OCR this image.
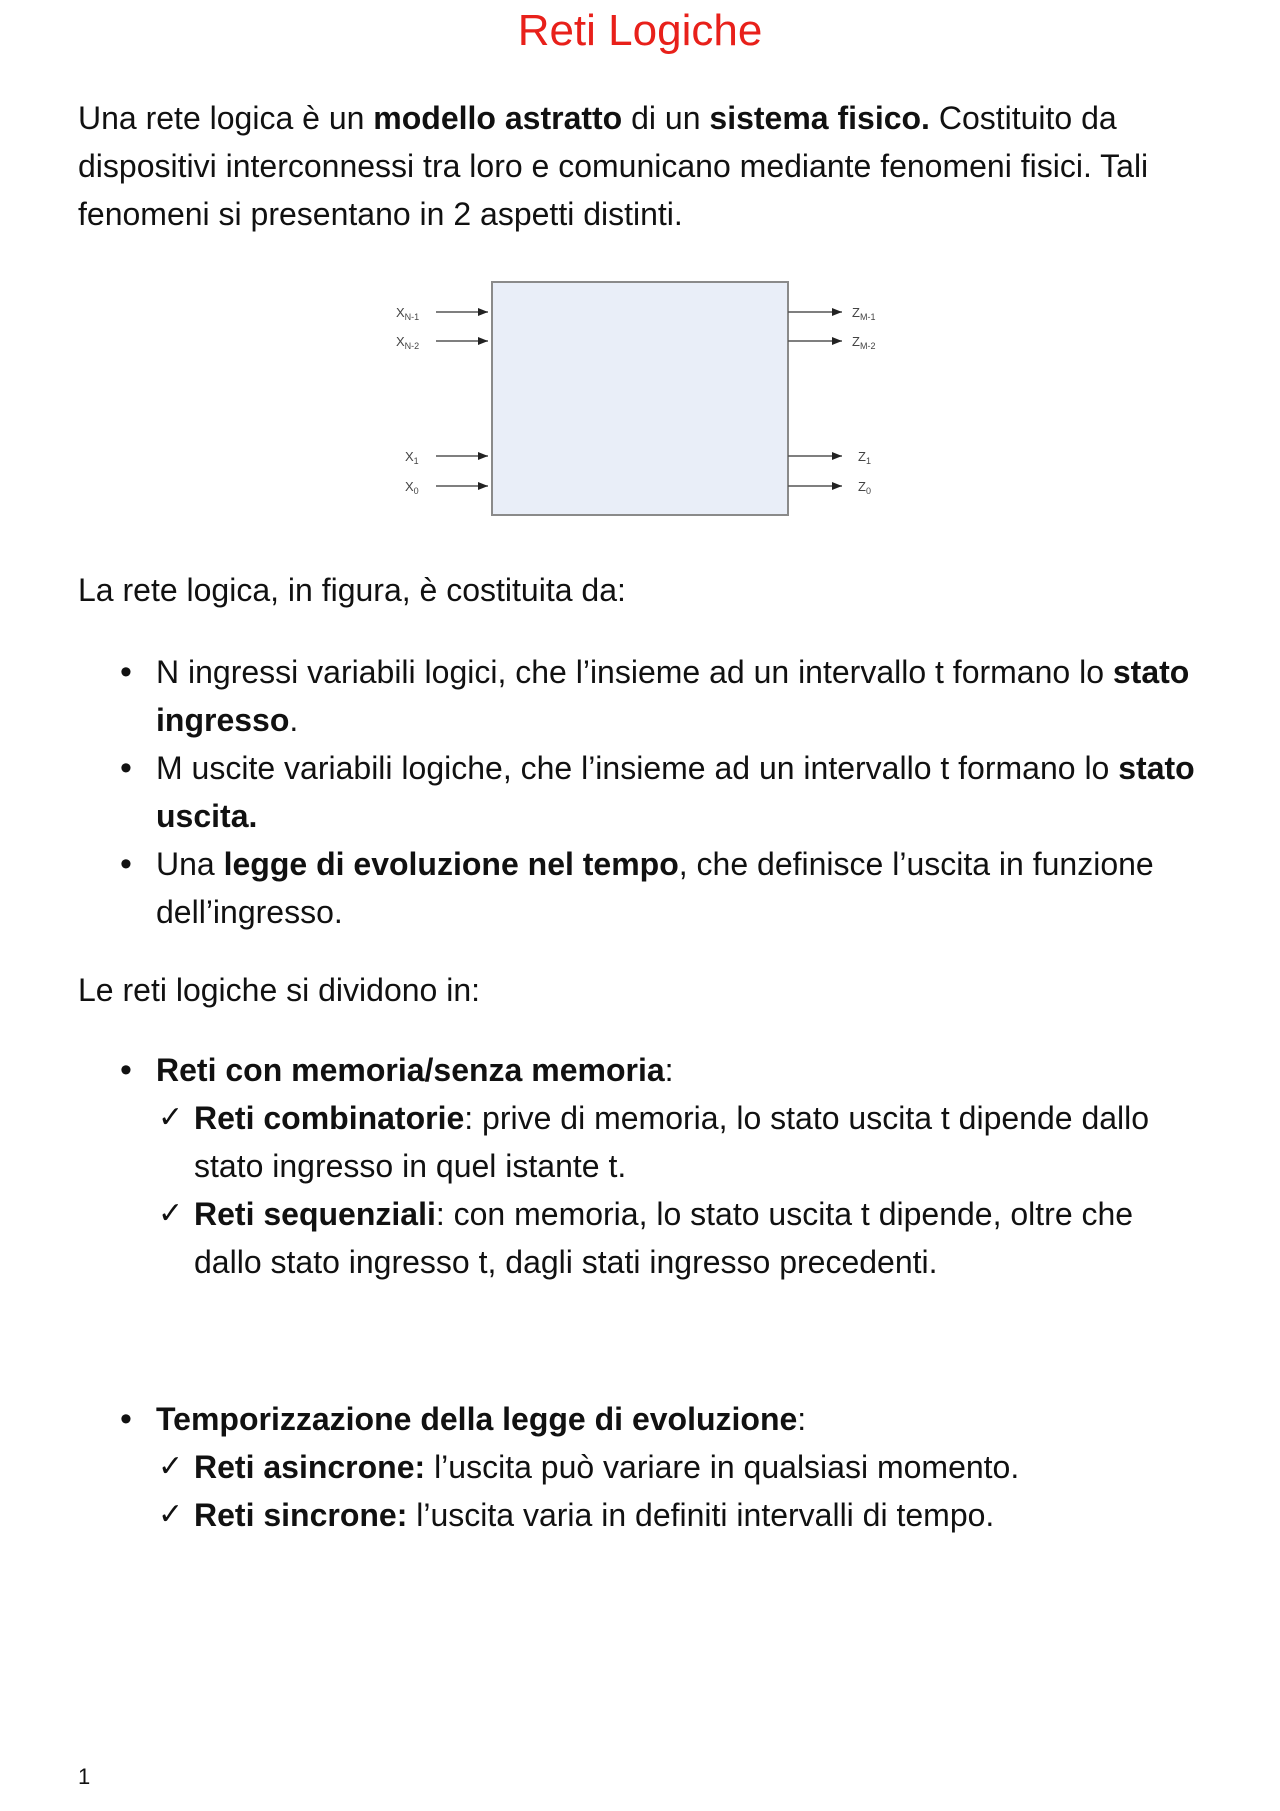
Reti Logiche

Una rete logica è un modello astratto di un sistema fisico. Costituito da dispositivi interconnessi tra loro e comunicano mediante fenomeni fisici. Tali fenomeni si presentano in 2 aspetti distinti.

$X_{N-1}$
$X_{N-2}$
$X_1$
$X_0$
$Z_{M-1}$
$Z_{M-2}$
$Z_1$
$Z_0$

La rete logica, in figura, è costituita da:

• N ingressi variabili logici, che l’insieme ad un intervallo t formano lo stato ingresso.
• M uscite variabili logiche, che l’insieme ad un intervallo t formano lo stato uscita.
• Una legge di evoluzione nel tempo, che definisce l’uscita in funzione dell’ingresso.

Le reti logiche si dividono in:

• Reti con memoria/senza memoria:
✓ Reti combinatorie: prive di memoria, lo stato uscita t dipende dallo stato ingresso in quel istante t.
✓ Reti sequenziali: con memoria, lo stato uscita t dipende, oltre che dallo stato ingresso t, dagli stati ingresso precedenti.
• Temporizzazione della legge di evoluzione:
✓ Reti asincrone: l’uscita può variare in qualsiasi momento.
✓ Reti sincrone: l’uscita varia in definiti intervalli di tempo.
1
